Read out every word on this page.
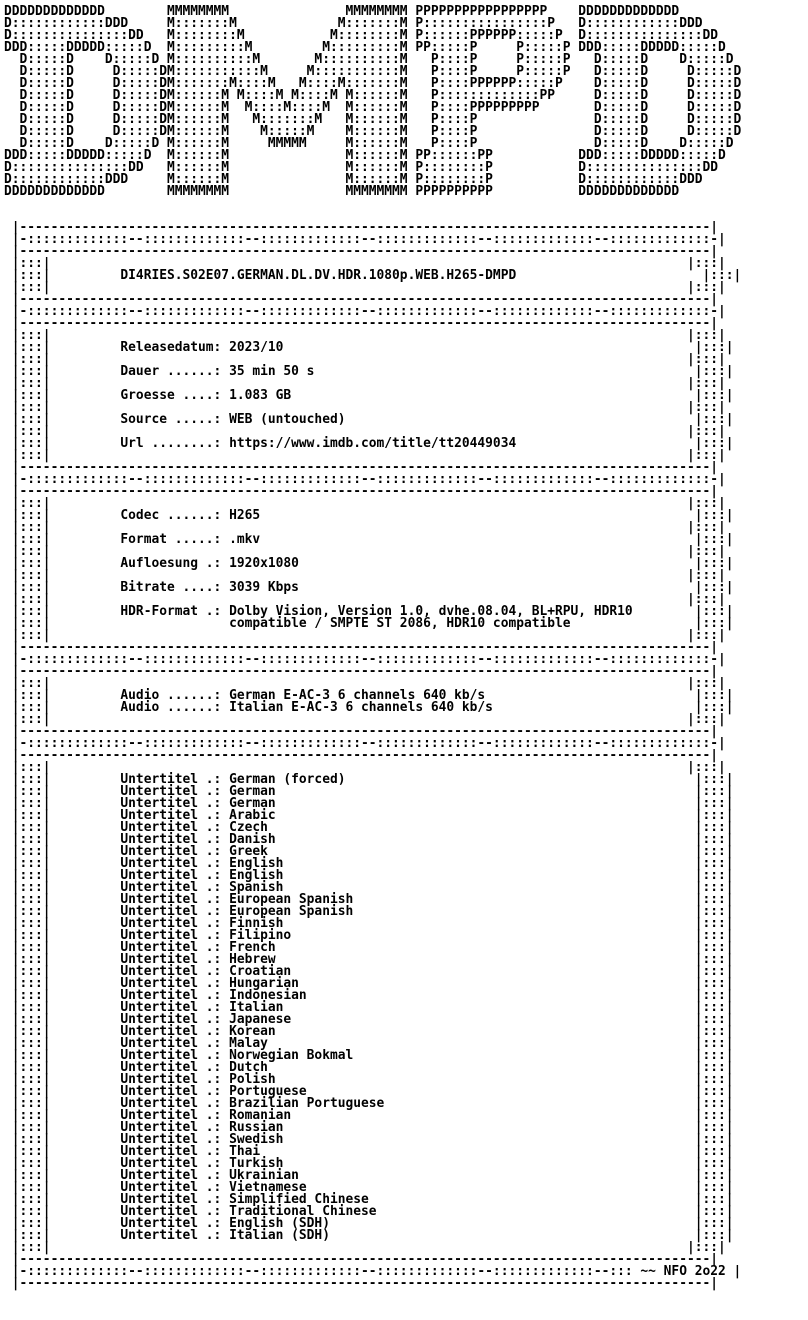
DDDDDDDDDDDDD        MMMMMMMM               MMMMMMMM PPPPPPPPPPPPPPPPP    DDDDDDDDDDDDD
D::::::::::::DDD     M:::::::M             M:::::::M P::::::::::::::::P   D::::::::::::DDD
D:::::::::::::::DD   M::::::::M           M::::::::M P::::::PPPPPP:::::P  D:::::::::::::::DD
DDD:::::DDDDD:::::D  M:::::::::M         M:::::::::M PP:::::P     P:::::P DDD:::::DDDDD:::::D
D:::::D    D:::::D M::::::::::M       M::::::::::M   P::::P     P:::::P   D:::::D    D:::::D
D:::::D     D:::::DM:::::::::::M     M:::::::::::M   P::::P     P:::::P   D:::::D     D:::::D
D:::::D     D:::::DM:::::::M::::M   M::::M:::::::M   P::::PPPPPP:::::P    D:::::D     D:::::D
D:::::D     D:::::DM::::::M M::::M M::::M M::::::M   P:::::::::::::PP     D:::::D     D:::::D
D:::::D     D:::::DM::::::M  M::::M::::M  M::::::M   P::::PPPPPPPPP       D:::::D     D:::::D
D:::::D     D:::::DM::::::M   M:::::::M   M::::::M   P::::P               D:::::D     D:::::D
D:::::D     D:::::DM::::::M    M:::::M    M::::::M   P::::P               D:::::D     D:::::D
D:::::D    D:::::D M::::::M     MMMMM     M::::::M   P::::P               D:::::D    D:::::D
DDD:::::DDDDD:::::D  M::::::M               M::::::M PP::::::PP           DDD:::::DDDDD:::::D
D:::::::::::::::DD   M::::::M               M::::::M P::::::::P           D:::::::::::::::DD
D::::::::::::DDD     M::::::M               M::::::M P::::::::P           D::::::::::::DDD
DDDDDDDDDDDDD        MMMMMMMM               MMMMMMMM PPPPPPPPPP           DDDDDDDDDDDDD

|-----------------------------------------------------------------------------------------|
|-:::::::::::::--:::::::::::::--:::::::::::::--:::::::::::::--:::::::::::::--:::::::::::::-|
|-----------------------------------------------------------------------------------------|
|:::|                                                                                  |:::|
|:::|         DI4RIES.S02E07.GERMAN.DL.DV.HDR.1080p.WEB.H265-DMPD                        |:::|
|:::|                                                                                  |:::|
|-----------------------------------------------------------------------------------------|
|-:::::::::::::--:::::::::::::--:::::::::::::--:::::::::::::--:::::::::::::--:::::::::::::-|
|-----------------------------------------------------------------------------------------|
|:::|                                                                                  |:::|
|:::|         Releasedatum: 2023/10                                                     |:::|
|:::|                                                                                  |:::|
|:::|         Dauer ......: 35 min 50 s                                                 |:::|
|:::|                                                                                  |:::|
|:::|         Groesse ....: 1.083 GB                                                    |:::|
|:::|                                                                                  |:::|
|:::|         Source .....: WEB (untouched)                                             |:::|
|:::|                                                                                  |:::|
|:::|         Url ........: https://www.imdb.com/title/tt20449034                       |:::|
|:::|                                                                                  |:::|
|-----------------------------------------------------------------------------------------|
|-:::::::::::::--:::::::::::::--:::::::::::::--:::::::::::::--:::::::::::::--:::::::::::::-|
|-----------------------------------------------------------------------------------------|
|:::|                                                                                  |:::|
|:::|         Codec ......: H265                                                        |:::|
|:::|                                                                                  |:::|
|:::|         Format .....: .mkv                                                        |:::|
|:::|                                                                                  |:::|
|:::|         Aufloesung .: 1920x1080                                                   |:::|
|:::|                                                                                  |:::|
|:::|         Bitrate ....: 3039 Kbps                                                   |:::|
|:::|                                                                                  |:::|
|:::|         HDR-Format .: Dolby Vision, Version 1.0, dvhe.08.04, BL+RPU, HDR10        |:::|
|:::|                       compatible / SMPTE ST 2086, HDR10 compatible                |:::|
|:::|                                                                                  |:::|
|-----------------------------------------------------------------------------------------|
|-:::::::::::::--:::::::::::::--:::::::::::::--:::::::::::::--:::::::::::::--:::::::::::::-|
|-----------------------------------------------------------------------------------------|
|:::|                                                                                  |:::|
|:::|         Audio ......: German E-AC-3 6 channels 640 kb/s                           |:::|
|:::|         Audio ......: Italian E-AC-3 6 channels 640 kb/s                          |:::|
|:::|                                                                                  |:::|
|-----------------------------------------------------------------------------------------|
|-:::::::::::::--:::::::::::::--:::::::::::::--:::::::::::::--:::::::::::::--:::::::::::::-|
|-----------------------------------------------------------------------------------------|
|:::|                                                                                  |:::|
|:::|         Untertitel .: German (forced)                                             |:::|
|:::|         Untertitel .: German                                                      |:::|
|:::|         Untertitel .: German                                                      |:::|
|:::|         Untertitel .: Arabic                                                      |:::|
|:::|         Untertitel .: Czech                                                       |:::|
|:::|         Untertitel .: Danish                                                      |:::|
|:::|         Untertitel .: Greek                                                       |:::|
|:::|         Untertitel .: English                                                     |:::|
|:::|         Untertitel .: English                                                     |:::|
|:::|         Untertitel .: Spanish                                                     |:::|
|:::|         Untertitel .: European Spanish                                            |:::|
|:::|         Untertitel .: European Spanish                                            |:::|
|:::|         Untertitel .: Finnish                                                     |:::|
|:::|         Untertitel .: Filipino                                                    |:::|
|:::|         Untertitel .: French                                                      |:::|
|:::|         Untertitel .: Hebrew                                                      |:::|
|:::|         Untertitel .: Croatian                                                    |:::|
|:::|         Untertitel .: Hungarian                                                   |:::|
|:::|         Untertitel .: Indonesian                                                  |:::|
|:::|         Untertitel .: Italian                                                     |:::|
|:::|         Untertitel .: Japanese                                                    |:::|
|:::|         Untertitel .: Korean                                                      |:::|
|:::|         Untertitel .: Malay                                                       |:::|
|:::|         Untertitel .: Norwegian Bokmal                                            |:::|
|:::|         Untertitel .: Dutch                                                       |:::|
|:::|         Untertitel .: Polish                                                      |:::|
|:::|         Untertitel .: Portuguese                                                  |:::|
|:::|         Untertitel .: Brazilian Portuguese                                        |:::|
|:::|         Untertitel .: Romanian                                                    |:::|
|:::|         Untertitel .: Russian                                                     |:::|
|:::|         Untertitel .: Swedish                                                     |:::|
|:::|         Untertitel .: Thai                                                        |:::|
|:::|         Untertitel .: Turkish                                                     |:::|
|:::|         Untertitel .: Ukrainian                                                   |:::|
|:::|         Untertitel .: Vietnamese                                                  |:::|
|:::|         Untertitel .: Simplified Chinese                                          |:::|
|:::|         Untertitel .: Traditional Chinese                                         |:::|
|:::|         Untertitel .: English (SDH)                                               |:::|
|:::|         Untertitel .: Italian (SDH)                                               |:::|
|:::|                                                                                  |:::|
|-----------------------------------------------------------------------------------------|
|-:::::::::::::--:::::::::::::--:::::::::::::--:::::::::::::--:::::::::::::--::: ~~ NFO 2o22 |
|-----------------------------------------------------------------------------------------|
